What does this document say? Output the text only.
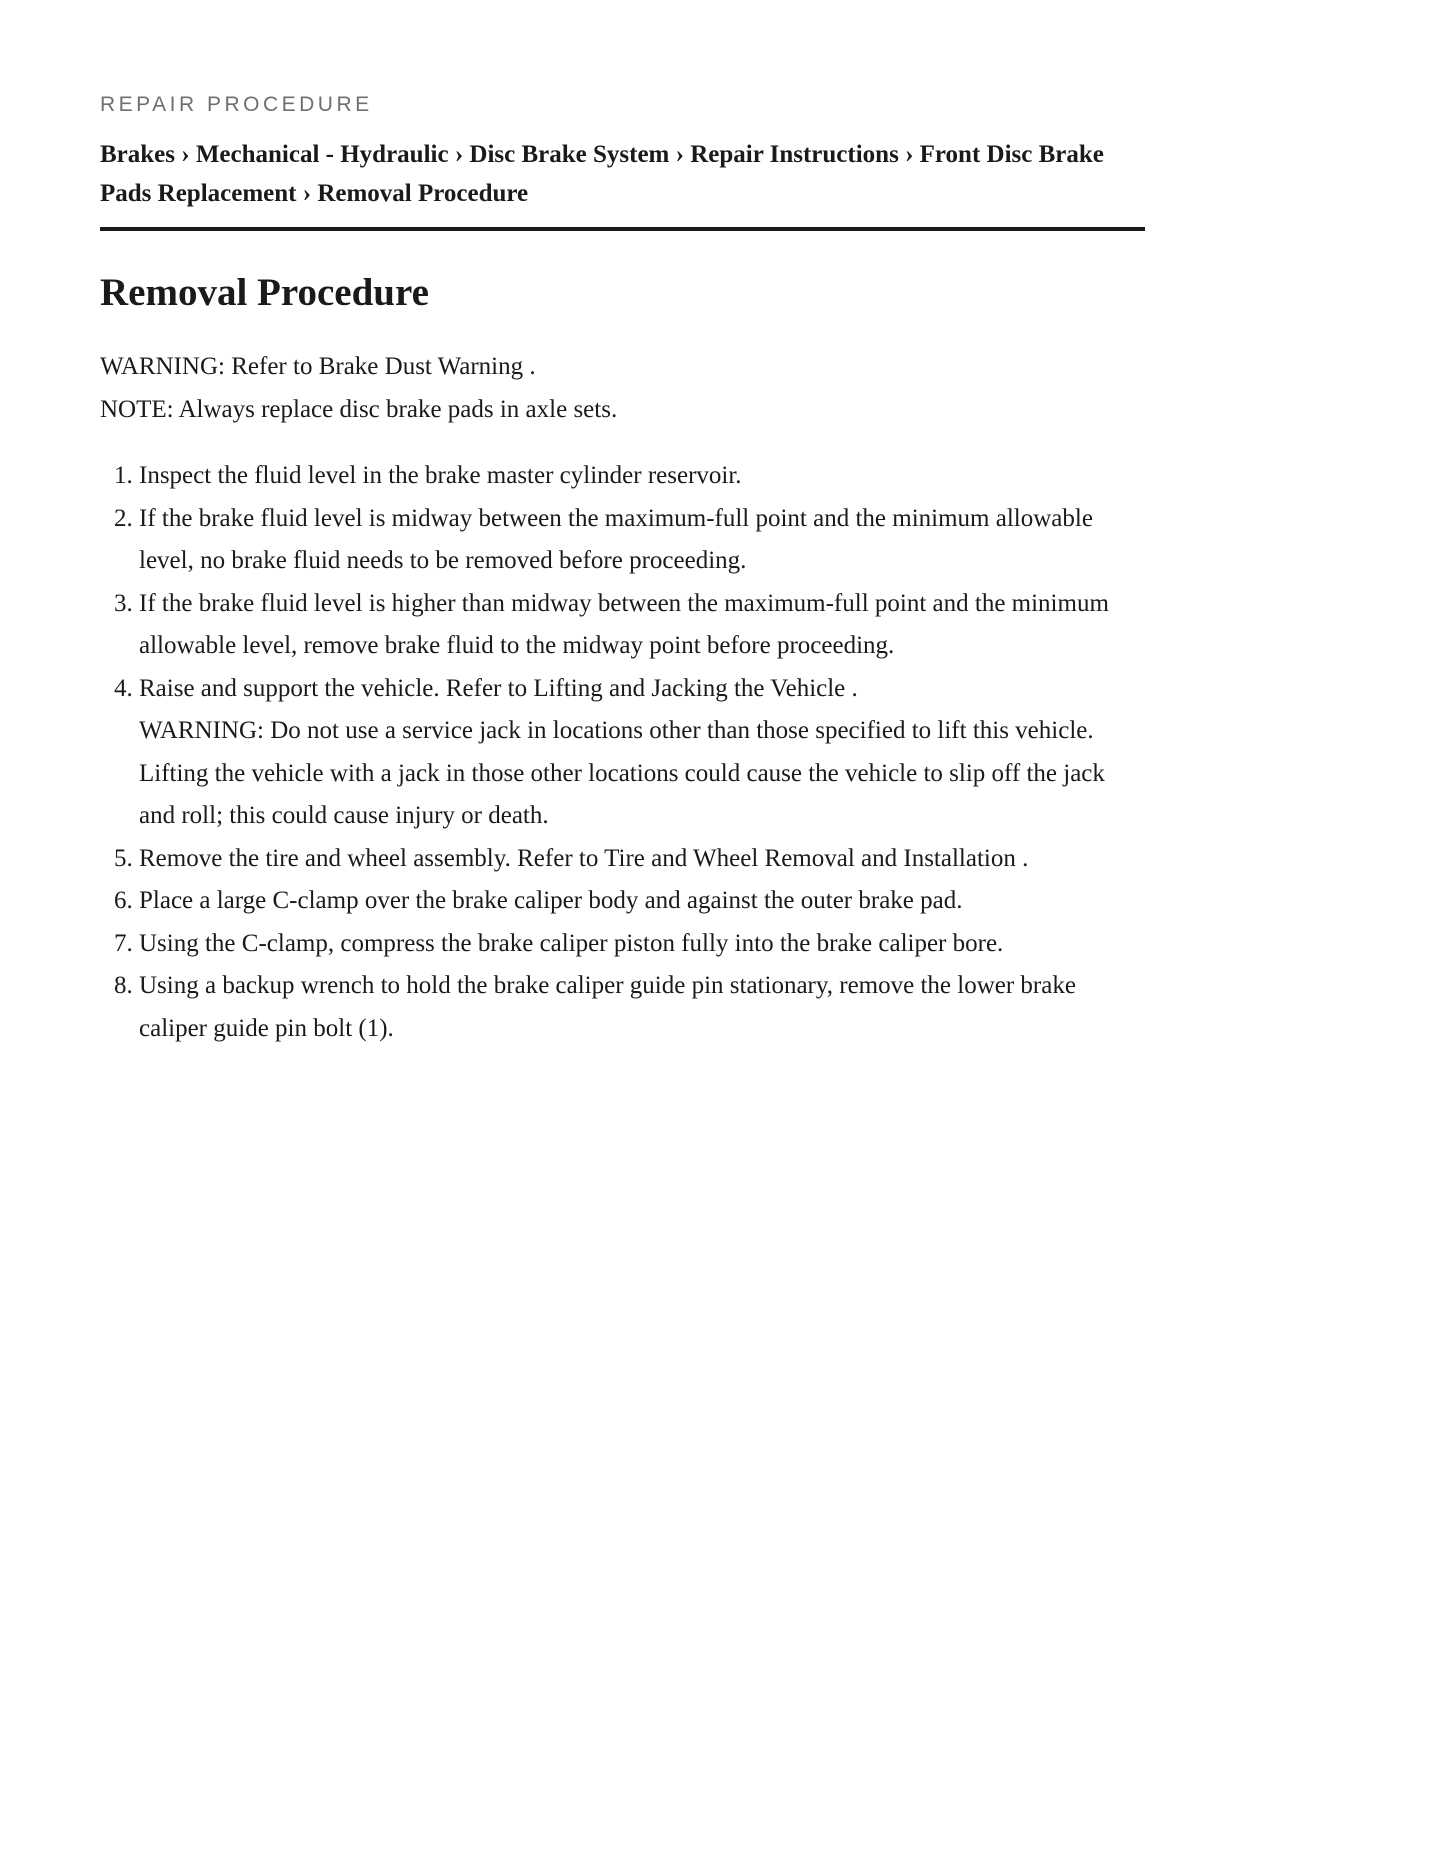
REPAIR PROCEDURE
Brakes › Mechanical - Hydraulic › Disc Brake System › Repair Instructions › Front Disc Brake Pads Replacement › Removal Procedure
Removal Procedure

WARNING: Refer to Brake Dust Warning .

NOTE: Always replace disc brake pads in axle sets.

1. Inspect the fluid level in the brake master cylinder reservoir.
2. If the brake fluid level is midway between the maximum-full point and the minimum allowable level, no brake fluid needs to be removed before proceeding.
3. If the brake fluid level is higher than midway between the maximum-full point and the minimum allowable level, remove brake fluid to the midway point before proceeding.
4. Raise and support the vehicle. Refer to Lifting and Jacking the Vehicle .
WARNING: Do not use a service jack in locations other than those specified to lift this vehicle. Lifting the vehicle with a jack in those other locations could cause the vehicle to slip off the jack and roll; this could cause injury or death.
5. Remove the tire and wheel assembly. Refer to Tire and Wheel Removal and Installation .
6. Place a large C-clamp over the brake caliper body and against the outer brake pad.
7. Using the C-clamp, compress the brake caliper piston fully into the brake caliper bore.
8. Using a backup wrench to hold the brake caliper guide pin stationary, remove the lower brake caliper guide pin bolt (1).
